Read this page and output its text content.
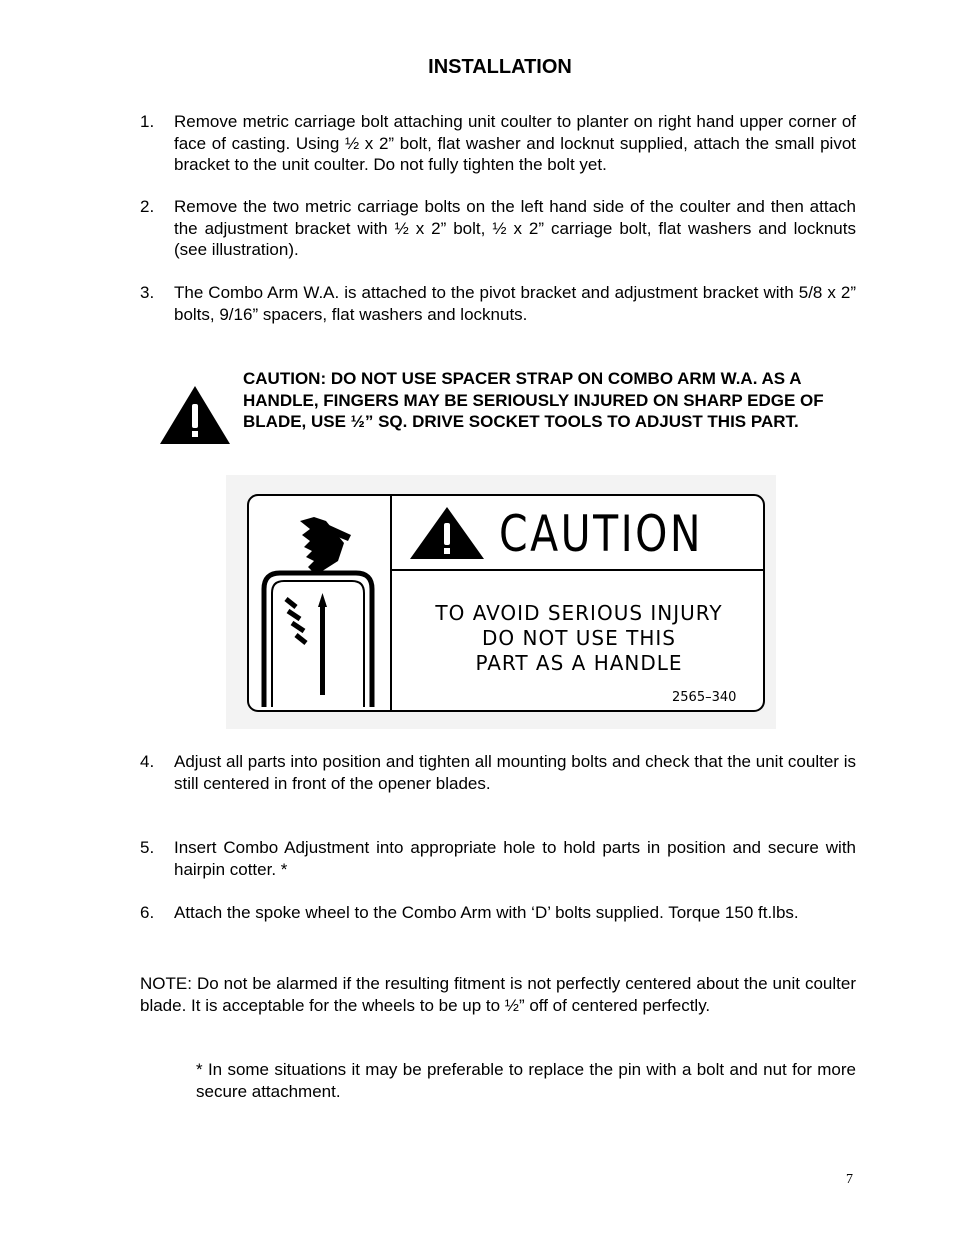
INSTALLATION
1. Remove metric carriage bolt attaching unit coulter to planter on right hand upper corner of face of casting. Using ½ x 2” bolt, flat washer and locknut supplied, attach the small pivot bracket to the unit coulter. Do not fully tighten the bolt yet.
2. Remove the two metric carriage bolts on the left hand side of the coulter and then attach the adjustment bracket with ½ x 2” bolt, ½ x 2” carriage bolt, flat washers and locknuts (see illustration).
3. The Combo Arm W.A. is attached to the pivot bracket and adjustment bracket with 5/8 x 2” bolts, 9/16” spacers, flat washers and locknuts.
CAUTION: DO NOT USE SPACER STRAP ON COMBO ARM W.A. AS A HANDLE, FINGERS MAY BE SERIOUSLY INJURED ON SHARP EDGE OF BLADE, USE ½” SQ. DRIVE SOCKET TOOLS TO ADJUST THIS PART.
CAUTION
TO AVOID SERIOUS INJURY
DO NOT USE THIS
PART AS A HANDLE
2565–340
4. Adjust all parts into position and tighten all mounting bolts and check that the unit coulter is still centered in front of the opener blades.
5. Insert Combo Adjustment into appropriate hole to hold parts in position and secure with hairpin cotter. *
6. Attach the spoke wheel to the Combo Arm with ‘D’ bolts supplied. Torque 150 ft.lbs.
NOTE: Do not be alarmed if the resulting fitment is not perfectly centered about the unit coulter blade. It is acceptable for the wheels to be up to ½” off of centered perfectly.
* In some situations it may be preferable to replace the pin with a bolt and nut for more secure attachment.
7
